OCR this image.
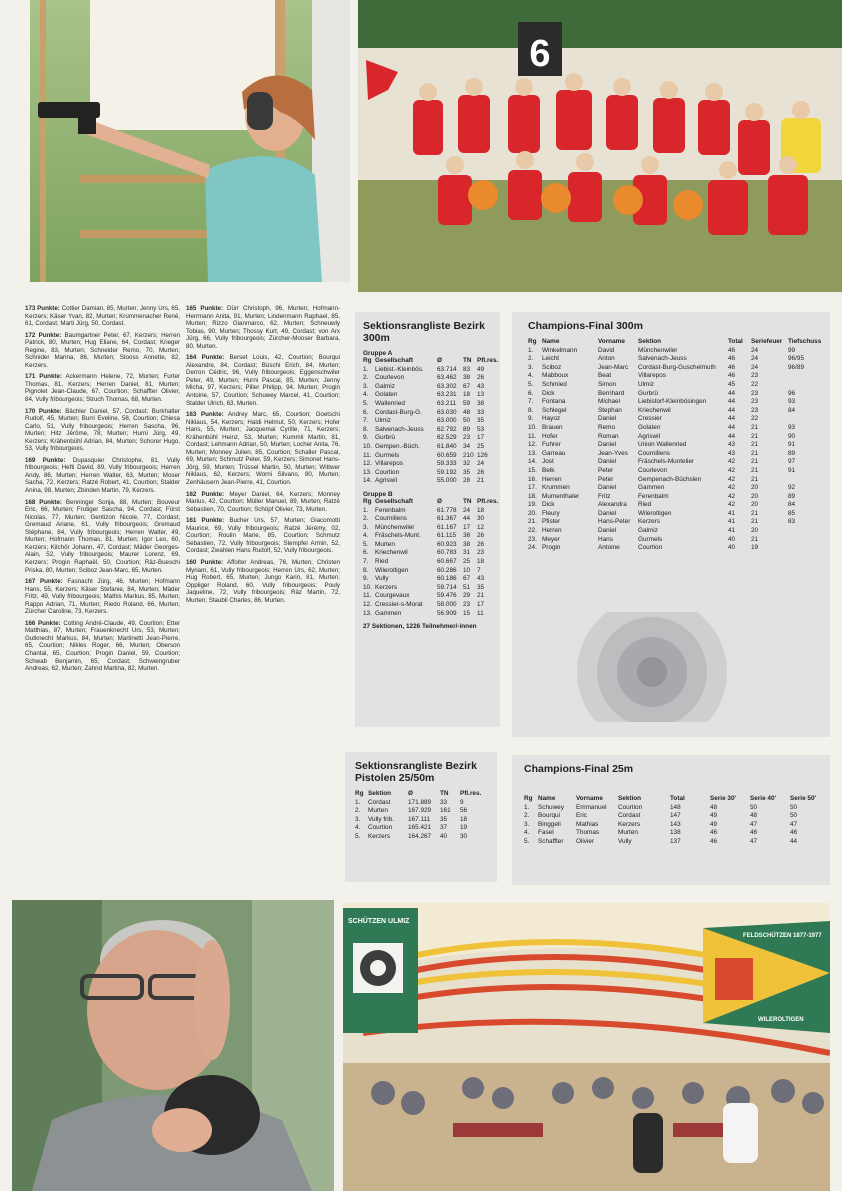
6

173 Punkte: Cottier Damian, 85, Murten; Jenny Urs, 65, Kerzers; Käser Yvan, 82, Murten; Krummenacher René, 61, Cordast; Marti Jürg, 50, Cordast.

172 Punkte: Baumgartner Peter, 67, Kerzers; Herren Patrick, 80, Murten; Hug Eliane, 64, Cordast; Krieger Regine, 83, Murten; Schneider Remo, 70, Murten; Schnider Marina, 86, Murten; Stooss Annette, 82, Kerzers.

171 Punkte: Ackermann Helene, 72, Murten; Furter Thomas, 81, Kerzers; Herren Daniel, 81, Murten; Pignolet Jean-Claude, 67, Courtion; Schaffter Olivier, 84, Vully fribourgeois; Struch Thomas, 68, Murten.

170 Punkte: Bächler Daniel, 57, Cordast; Burkhalter Rudolf, 45, Murten; Burri Eveline, 58, Courtion; Chiesa Carlo, 51, Vully fribourgeois; Herren Sascha, 96, Murten; Hitz Jérôme, 78, Murten; Hurni Jürg, 49, Kerzers; Krähenbühl Adrian, 84, Murten; Schorer Hugo, 53, Vully fribourgeois.

169 Punkte: Dupasquier Christophe, 81, Vully fribourgeois; Hefti David, 89, Vully fribourgeois; Herren Andy, 86, Murten; Herren Walter, 63, Murten; Moser Sacha, 72, Kerzers; Ratzé Robert, 41, Courtion; Stalder Anina, 98, Murten; Zbinden Martin, 79, Kerzers.

168 Punkte: Benninger Sonja, 88, Murten; Bouveur Eric, 66, Murten; Frutiger Sascha, 94, Cordast; Fürst Nicolas, 77, Murten; Gentizon Nicole, 77, Cordast; Gremaud Ariane, 61, Vully fribourgeois; Gremaud Stéphane, 84, Vully fribourgeois; Herren Walter, 49, Murten; Hofmann Thomas, 81, Murten; Igor Leo, 60, Kerzers; Kilchör Johann, 47, Cordast; Mäder Georges-Alain, 52, Vully fribourgeois; Maurer Lorenz, 69, Kerzers; Progin Raphaël, 50, Courtion; Räz-Bueschi Priska, 80, Murten; Sciboz Jean-Marc, 65, Murten.

167 Punkte: Fasnacht Jürg, 46, Murten; Hofmann Hans, 55, Kerzers; Käser Stefanie, 84, Murten; Mäder Fritz, 49, Vully fribourgeois; Mathis Markus, 85, Murten; Rappo Adrian, 71, Murten; Riedo Roland, 66, Murten; Zürcher Caroline, 73, Kerzers.

166 Punkte: Cotting André-Claude, 49, Courtion; Etter Matthias, 87, Murten; Frauenknecht Urs, 53, Murten; Gutknecht Markus, 84, Murten; Martinetti Jean-Pierre, 65, Courtion; Nikles Roger, 66, Murten; Oberson Chantal, 65, Courtion; Progin Daniel, 59, Courtion; Schwab Benjamin, 65, Cordast; Schweingruber Andreas, 62, Murten; Zahnd Martina, 82, Murten.

165 Punkte: Dürr Christoph, 96, Murten; Hofmann-Herrmann Anita, 91, Murten; Lindenmann Raphael, 85, Murten; Rizzo Gianmarco, 62, Murten; Schneuwly Tobias, 90, Murten; Thossy Kurt, 49, Cordast; von Arx Jürg, 66, Vully fribourgeois; Zürcher-Mooser Barbara, 80, Murten.

164 Punkte: Berset Louis, 42, Courtion; Bourqui Alexandre, 84, Cordast; Büschi Erich, 84, Murten; Derron Cédric, 96, Vully fribourgeois; Eggenschwiler Peter, 49, Murten; Hurni Pascal, 85, Murten; Jenny Micha, 97, Kerzers; Piller Philipp, 94, Murten; Progin Antoine, 57, Courtion; Schuwey Marcel, 41, Courtion; Stalder Ulrich, 63, Murten.

163 Punkte: Andrey Marc, 65, Courtion; Goetschi Niklaus, 54, Kerzers; Haldi Helmut, 50, Kerzers; Hofer Hans, 55, Murten; Jacquemai Cyrille, 71, Kerzers; Krähenbühl Heinz, 53, Murten; Kummli Martin, 81, Cordast; Lehmann Adrian, 50, Murten; Locher Anita, 76, Murten; Monney Julien, 85, Courtion; Schaller Pascal, 69, Murten; Schmutz Peter, 59, Kerzers; Simonet Hans-Jörg, 59, Murten; Trüssel Martin, 50, Murten; Wittwer Niklaus, 62, Kerzers; Worni Silvano, 80, Murten; Zenhäusern Jean-Pierre, 41, Courtion.

162 Punkte: Meyer Daniel, 64, Kerzers; Monney Marius, 42, Courtion; Müller Manuel, 89, Murten; Ratzé Sébastien, 70, Courtion; Schöpf Olivier, 73, Murten.

161 Punkte: Bucher Urs, 57, Murten; Giacomotti Maurice, 69, Vully fribourgeois; Ratzé Jérémy, 02, Courtion; Roulin Marie, 85, Courtion; Schmutz Sébastien, 72, Vully fribourgeois; Stempfel Armin, 52, Cordast; Zwahlen Hans Rudolf, 52, Vully fribourgeois.

160 Punkte: Affolter Andreas, 76, Murten; Christen Myriam, 61, Vully fribourgeois; Herren Urs, 62, Murten; Hug Robert, 65, Murten; Jungo Karin, 81, Murten; Oppliger Roland, 60, Vully fribourgeois; Pouly Jaqueline, 72, Vully fribourgeois; Räz Martin, 72, Murten; Staubli Charles, 86, Murten.

Sektionsrangliste Bezirk 300m
Gruppe A
Rg	Gesellschaft	Ø	TN	Pfl.res.
1.	Liebist.-Kleinbös.	63.714	83	49
2.	Courlevon	63.462	38	26
3.	Galmiz	63.302	67	43
4.	Golaten	63.231	18	13
5.	Wallenried	63.211	59	38
6.	Cordast-Burg-G.	63.030	48	33
7.	Ulmiz	63.000	50	35
8.	Salvenach-Jeuss	62.792	89	53
9.	Gurbrü	62.529	23	17
10.	Gempen.-Büch.	61.840	34	25
11.	Gurmels	60.659	210	126
12.	Villarepos	59.333	32	24
13.	Courtion	59.192	35	26
14.	Agriswil	55.000	28	21
Gruppe B
Rg	Gesellschaft	Ø	TN	Pfl.res.
1.	Ferenbalm	61.778	24	18
2.	Cournillens	61.367	44	30
3.	Münchenwiler	61.167	17	12
4.	Fräschels-Munt.	61.115	38	26
5.	Murten	60.923	38	26
6.	Kriechenwil	60.783	31	23
7.	Ried	60.667	25	18
8.	Wileroltigen	60.286	10	7
9.	Vully	60.186	67	43
10.	Kerzers	59.714	51	35
11.	Courgevaux	59.476	29	21
12.	Cressier-s-Morat	58.000	23	17
13.	Gammen	56.909	15	11
27 Sektionen, 1226 Teilnehmer/-innen
Champions-Final 300m
Rg	Name	Vorname	Sektion	Total	Seriefeuer	Tiefschuss
1.	Winkelmann	David	Münchenwiler	46	24	99
2.	Leicht	Anton	Salvenach-Jeuss	46	24	96/95
3.	Sciboz	Jean-Marc	Cordast-Burg-Guschelmuth	46	24	96/89
4.	Mabboux	Beat	Villarepos	46	23	
5.	Schmied	Simon	Ulmiz	45	22	
6.	Dick	Bernhard	Gurbrü	44	23	96
7.	Fontana	Michael	Liebistorf-Kleinbösingen	44	23	93
8.	Schlegel	Stephan	Kriechenwil	44	23	84
9.	Hayoz	Daniel	Cressier	44	22	
10.	Brauen	Remo	Golaten	44	21	93
11.	Hofer	Roman	Agriswil	44	21	90
12.	Fuhrer	Daniel	Union Wallenried	43	21	91
13.	Garreau	Jean-Yves	Cournillens	43	21	89
14.	Jost	Daniel	Fräschels-Muntelier	42	21	97
15.	Belk	Peter	Courlevon	42	21	91
16.	Herren	Peter	Gempenach-Büchslen	42	21	
17.	Krummen	Daniel	Gammen	42	20	92
18.	Mumenthaler	Fritz	Ferenbalm	42	20	89
19.	Dick	Alexandra	Ried	42	20	84
20.	Fleury	Daniel	Wileroltigen	41	21	85
21.	Pfister	Hans-Peter	Kerzers	41	21	83
22.	Herren	Daniel	Galmiz	41	20	
23.	Meyer	Hans	Gurmels	40	21	
24.	Progin	Antoine	Courtion	40	19	
Sektionsrangliste Bezirk
Pistolen 25/50m
Rg	Sektion	Ø	TN	Pfl.res.
1.	Cordast	171.889	33	9
2.	Murten	167.929	161	56
3.	Vully frib.	167.111	35	18
4.	Courtion	165.421	37	19
5.	Kerzers	164.267	40	30
Champions-Final 25m
Rg	Name	Vorname	Sektion	Total	Serie 30'	Serie 40'	Serie 50'
1.	Schuwey	Emmanuel	Courtion	148	48	50	50
2.	Bourqui	Eric	Cordast	147	49	48	50
3.	Binggeli	Mathias	Kerzers	143	49	47	47
4.	Fasel	Thomas	Murten	138	46	46	46
5.	Schaffter	Olivier	Vully	137	46	47	44
SCHÜTZEN ULMIZ
FELDSCHÜTZEN 1877-1977
WILEROLTIGEN
